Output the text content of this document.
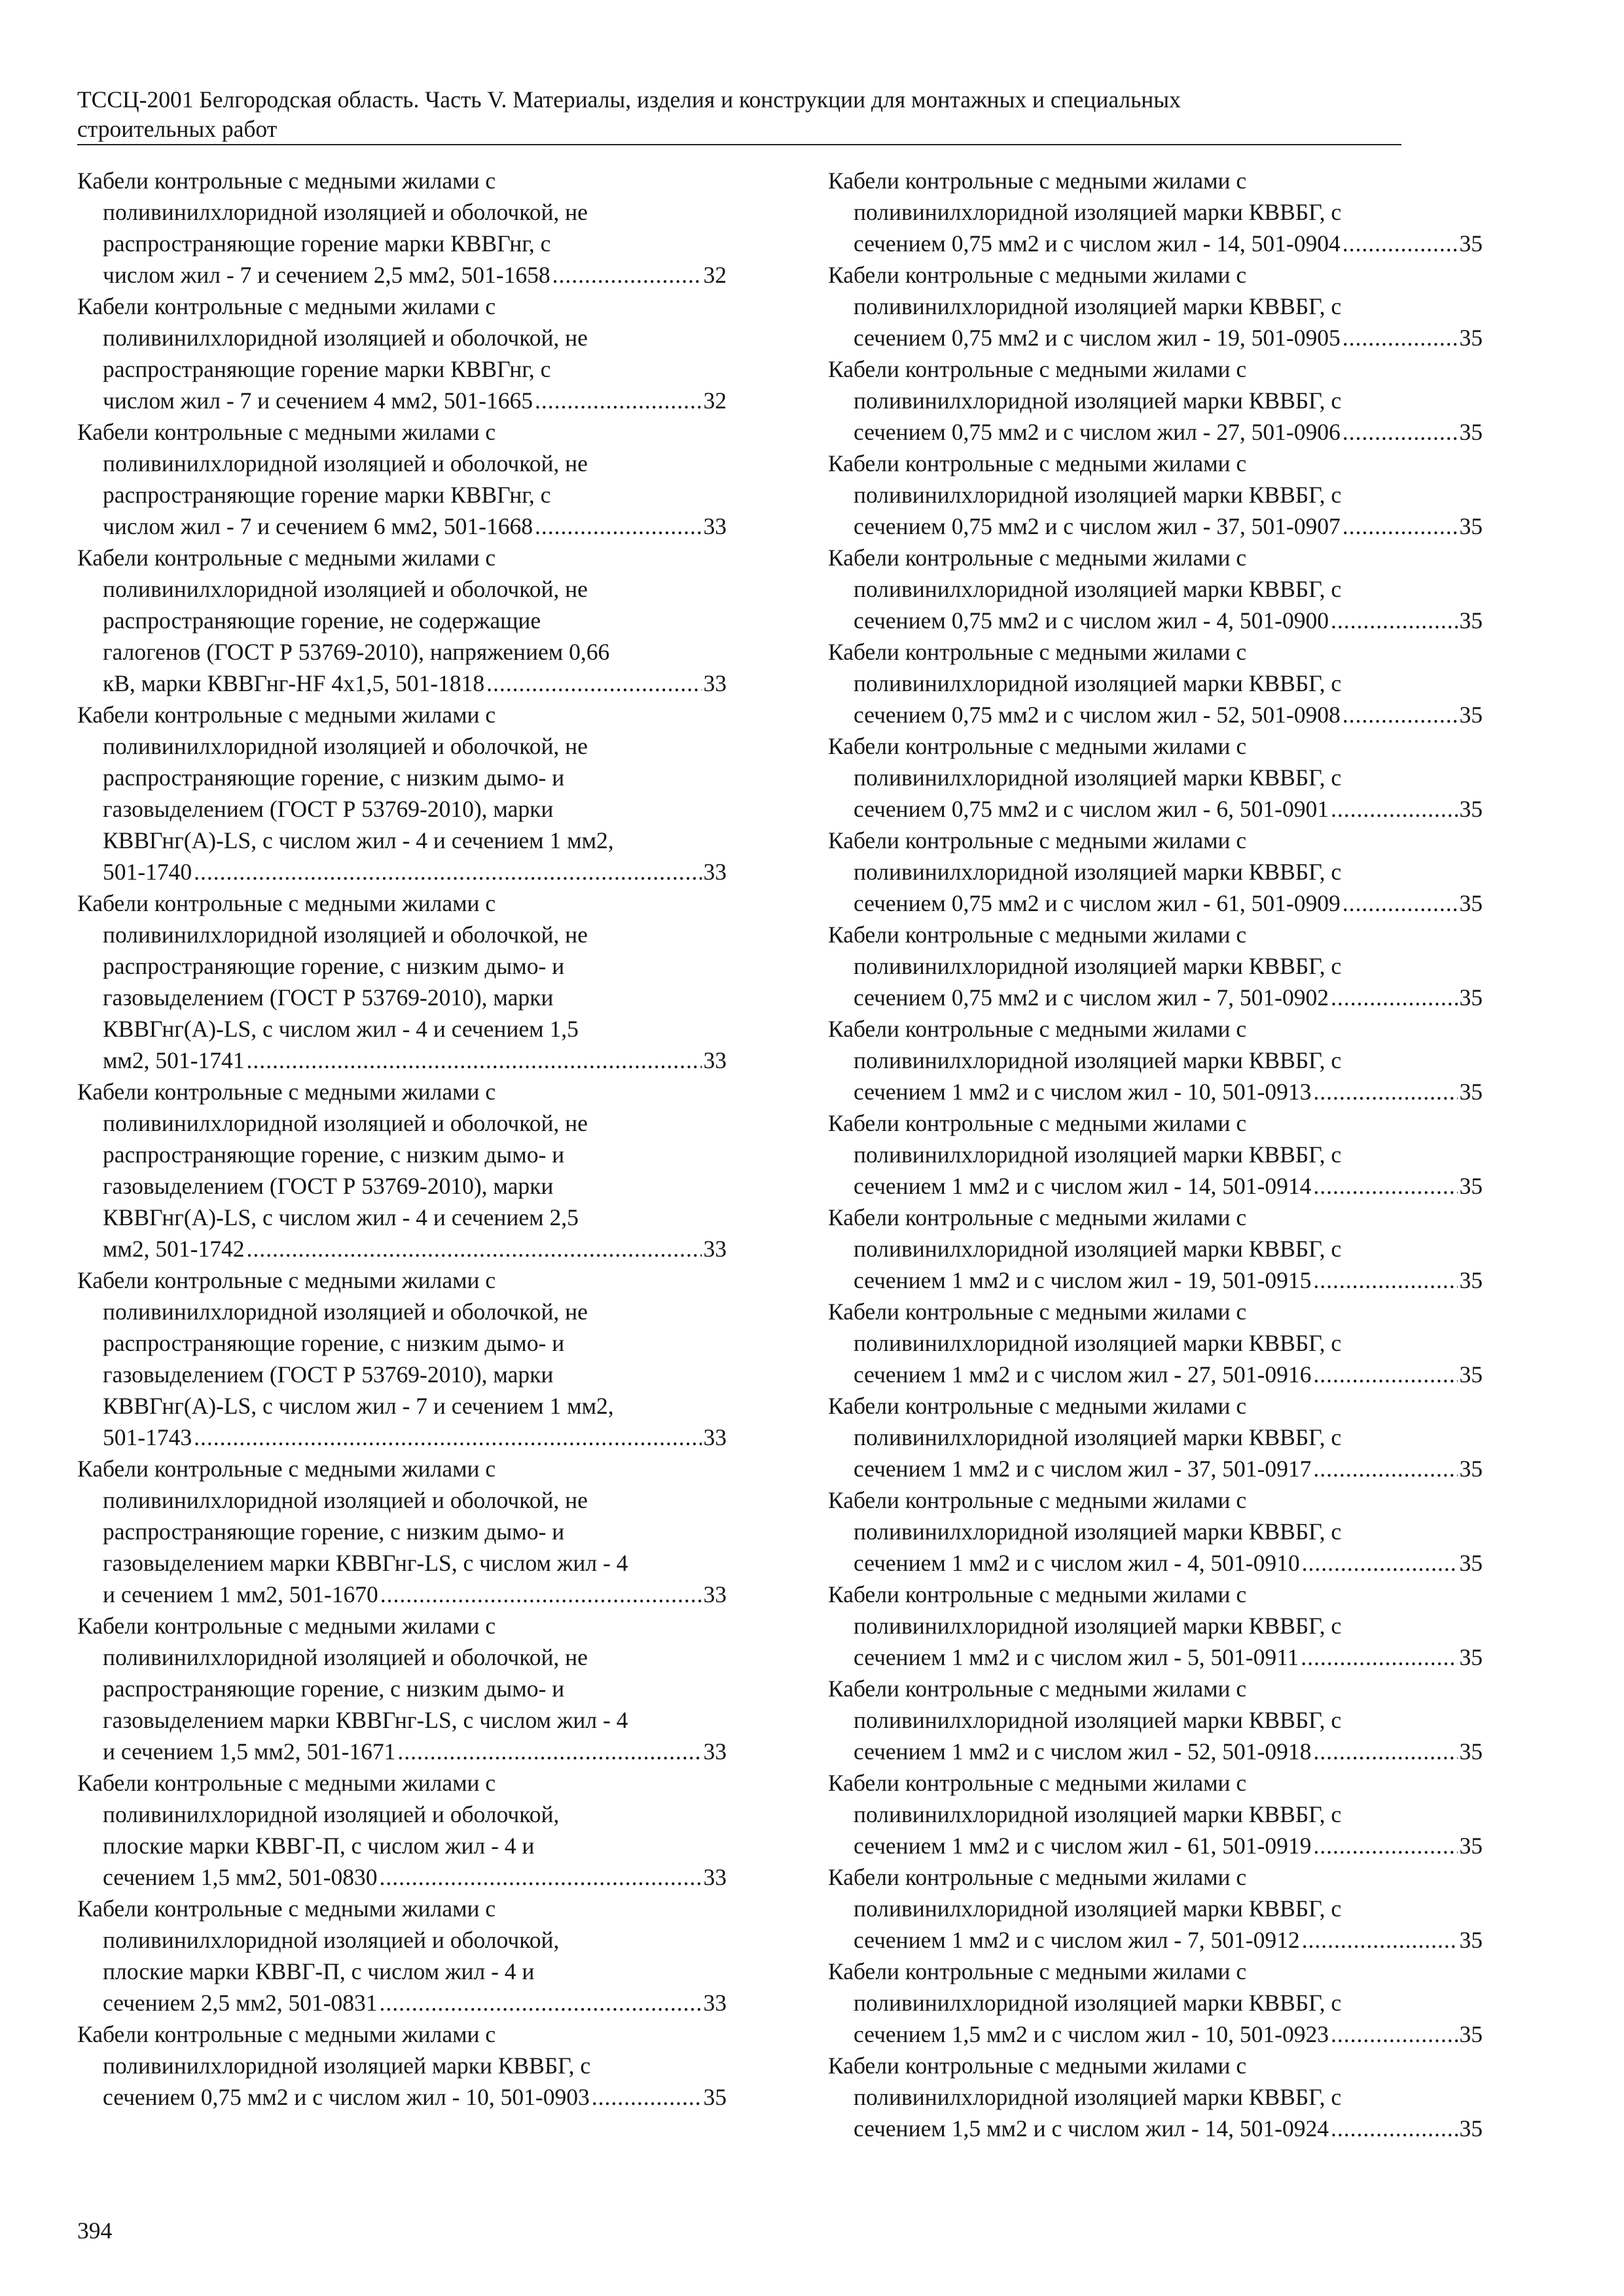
ТССЦ-2001 Белгородская область. Часть V. Материалы, изделия и конструкции для монтажных и специальных
строительных работ
Кабели контрольные с медными жилами с
поливинилхлоридной изоляцией и оболочкой, не
распространяющие горение марки КВВГнг, с
числом жил - 7 и сечением 2,5 мм2, 501-1658 .....	32
Кабели контрольные с медными жилами с
поливинилхлоридной изоляцией и оболочкой, не
распространяющие горение марки КВВГнг, с
числом жил - 7 и сечением 4 мм2, 501-1665 .....	32
Кабели контрольные с медными жилами с
поливинилхлоридной изоляцией и оболочкой, не
распространяющие горение марки КВВГнг, с
числом жил - 7 и сечением 6 мм2, 501-1668 .....	33
Кабели контрольные с медными жилами с
поливинилхлоридной изоляцией и оболочкой, не
распространяющие горение, не содержащие
галогенов (ГОСТ Р 53769-2010), напряжением 0,66
кВ, марки КВВГнг-HF 4x1,5, 501-1818 .....	33
Кабели контрольные с медными жилами с
поливинилхлоридной изоляцией и оболочкой, не
распространяющие горение, с низким дымо- и
газовыделением (ГОСТ Р 53769-2010), марки
КВВГнг(А)-LS, с числом жил - 4 и сечением 1 мм2,
501-1740 .....	33
Кабели контрольные с медными жилами с
поливинилхлоридной изоляцией и оболочкой, не
распространяющие горение, с низким дымо- и
газовыделением (ГОСТ Р 53769-2010), марки
КВВГнг(А)-LS, с числом жил - 4 и сечением 1,5
мм2, 501-1741 .....	33
Кабели контрольные с медными жилами с
поливинилхлоридной изоляцией и оболочкой, не
распространяющие горение, с низким дымо- и
газовыделением (ГОСТ Р 53769-2010), марки
КВВГнг(А)-LS, с числом жил - 4 и сечением 2,5
мм2, 501-1742 .....	33
Кабели контрольные с медными жилами с
поливинилхлоридной изоляцией и оболочкой, не
распространяющие горение, с низким дымо- и
газовыделением (ГОСТ Р 53769-2010), марки
КВВГнг(А)-LS, с числом жил - 7 и сечением 1 мм2,
501-1743 .....	33
Кабели контрольные с медными жилами с
поливинилхлоридной изоляцией и оболочкой, не
распространяющие горение, с низким дымо- и
газовыделением марки КВВГнг-LS, с числом жил - 4
и сечением 1 мм2, 501-1670 .....	33
Кабели контрольные с медными жилами с
поливинилхлоридной изоляцией и оболочкой, не
распространяющие горение, с низким дымо- и
газовыделением марки КВВГнг-LS, с числом жил - 4
и сечением 1,5 мм2, 501-1671 .....	33
Кабели контрольные с медными жилами с
поливинилхлоридной изоляцией и оболочкой,
плоские марки КВВГ-П, с числом жил - 4 и
сечением 1,5 мм2, 501-0830 .....	33
Кабели контрольные с медными жилами с
поливинилхлоридной изоляцией и оболочкой,
плоские марки КВВГ-П, с числом жил - 4 и
сечением 2,5 мм2, 501-0831 .....	33
Кабели контрольные с медными жилами с
поливинилхлоридной изоляцией марки КВВБГ, с
сечением 0,75 мм2 и с числом жил - 10, 501-0903 .....	35
Кабели контрольные с медными жилами с
поливинилхлоридной изоляцией марки КВВБГ, с
сечением 0,75 мм2 и с числом жил - 14, 501-0904 .....	35
Кабели контрольные с медными жилами с
поливинилхлоридной изоляцией марки КВВБГ, с
сечением 0,75 мм2 и с числом жил - 19, 501-0905 .....	35
Кабели контрольные с медными жилами с
поливинилхлоридной изоляцией марки КВВБГ, с
сечением 0,75 мм2 и с числом жил - 27, 501-0906 .....	35
Кабели контрольные с медными жилами с
поливинилхлоридной изоляцией марки КВВБГ, с
сечением 0,75 мм2 и с числом жил - 37, 501-0907 .....	35
Кабели контрольные с медными жилами с
поливинилхлоридной изоляцией марки КВВБГ, с
сечением 0,75 мм2 и с числом жил - 4, 501-0900 .....	35
Кабели контрольные с медными жилами с
поливинилхлоридной изоляцией марки КВВБГ, с
сечением 0,75 мм2 и с числом жил - 52, 501-0908 .....	35
Кабели контрольные с медными жилами с
поливинилхлоридной изоляцией марки КВВБГ, с
сечением 0,75 мм2 и с числом жил - 6, 501-0901 .....	35
Кабели контрольные с медными жилами с
поливинилхлоридной изоляцией марки КВВБГ, с
сечением 0,75 мм2 и с числом жил - 61, 501-0909 .....	35
Кабели контрольные с медными жилами с
поливинилхлоридной изоляцией марки КВВБГ, с
сечением 0,75 мм2 и с числом жил - 7, 501-0902 .....	35
Кабели контрольные с медными жилами с
поливинилхлоридной изоляцией марки КВВБГ, с
сечением 1 мм2 и с числом жил - 10, 501-0913 .....	35
Кабели контрольные с медными жилами с
поливинилхлоридной изоляцией марки КВВБГ, с
сечением 1 мм2 и с числом жил - 14, 501-0914 .....	35
Кабели контрольные с медными жилами с
поливинилхлоридной изоляцией марки КВВБГ, с
сечением 1 мм2 и с числом жил - 19, 501-0915 .....	35
Кабели контрольные с медными жилами с
поливинилхлоридной изоляцией марки КВВБГ, с
сечением 1 мм2 и с числом жил - 27, 501-0916 .....	35
Кабели контрольные с медными жилами с
поливинилхлоридной изоляцией марки КВВБГ, с
сечением 1 мм2 и с числом жил - 37, 501-0917 .....	35
Кабели контрольные с медными жилами с
поливинилхлоридной изоляцией марки КВВБГ, с
сечением 1 мм2 и с числом жил - 4, 501-0910 .....	35
Кабели контрольные с медными жилами с
поливинилхлоридной изоляцией марки КВВБГ, с
сечением 1 мм2 и с числом жил - 5, 501-0911 .....	35
Кабели контрольные с медными жилами с
поливинилхлоридной изоляцией марки КВВБГ, с
сечением 1 мм2 и с числом жил - 52, 501-0918 .....	35
Кабели контрольные с медными жилами с
поливинилхлоридной изоляцией марки КВВБГ, с
сечением 1 мм2 и с числом жил - 61, 501-0919 .....	35
Кабели контрольные с медными жилами с
поливинилхлоридной изоляцией марки КВВБГ, с
сечением 1 мм2 и с числом жил - 7, 501-0912 .....	35
Кабели контрольные с медными жилами с
поливинилхлоридной изоляцией марки КВВБГ, с
сечением 1,5 мм2 и с числом жил - 10, 501-0923 .....	35
Кабели контрольные с медными жилами с
поливинилхлоридной изоляцией марки КВВБГ, с
сечением 1,5 мм2 и с числом жил - 14, 501-0924 .....	35
394
